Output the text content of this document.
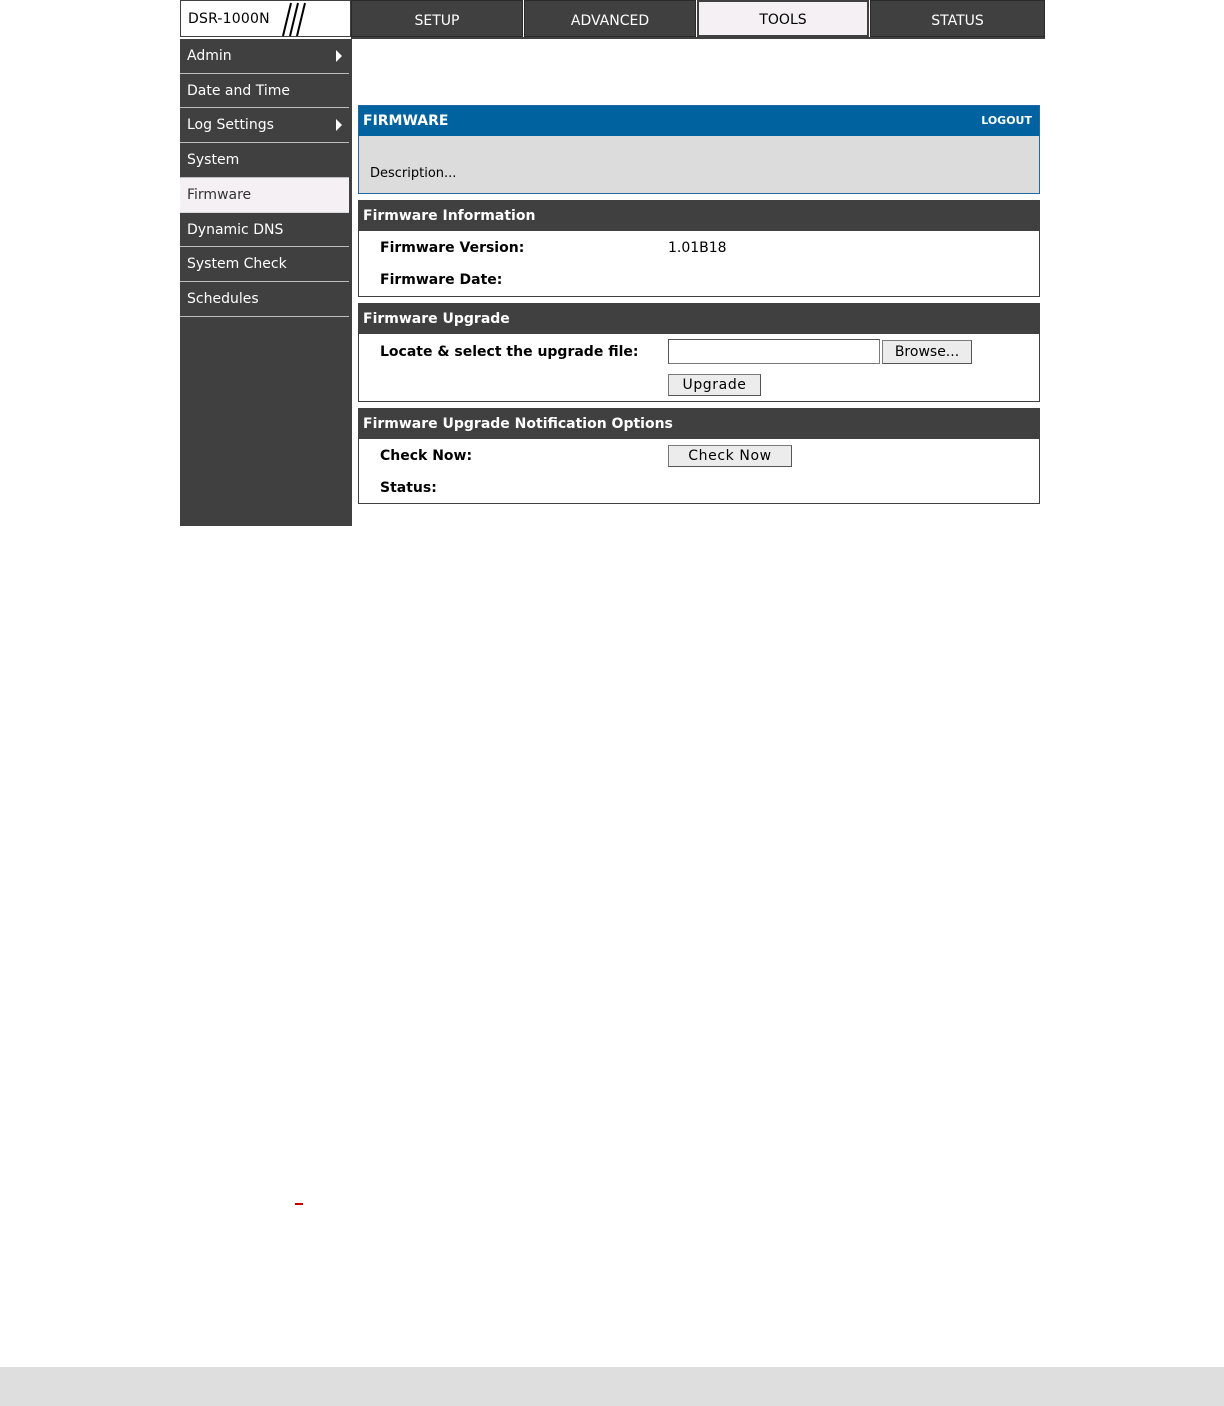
DSR-1000N	SETUP	ADVANCED	TOOLS	STATUS
Admin
Date and Time
Log Settings
System
Firmware
Dynamic DNS
System Check
Schedules
FIRMWARE	LOGOUT
Description...
Firmware Information
Firmware Version:	1.01B18
Firmware Date:
Firmware Upgrade
Locate & select the upgrade file:	Browse...
Upgrade
Firmware Upgrade Notification Options
Check Now:	Check Now
Status:
